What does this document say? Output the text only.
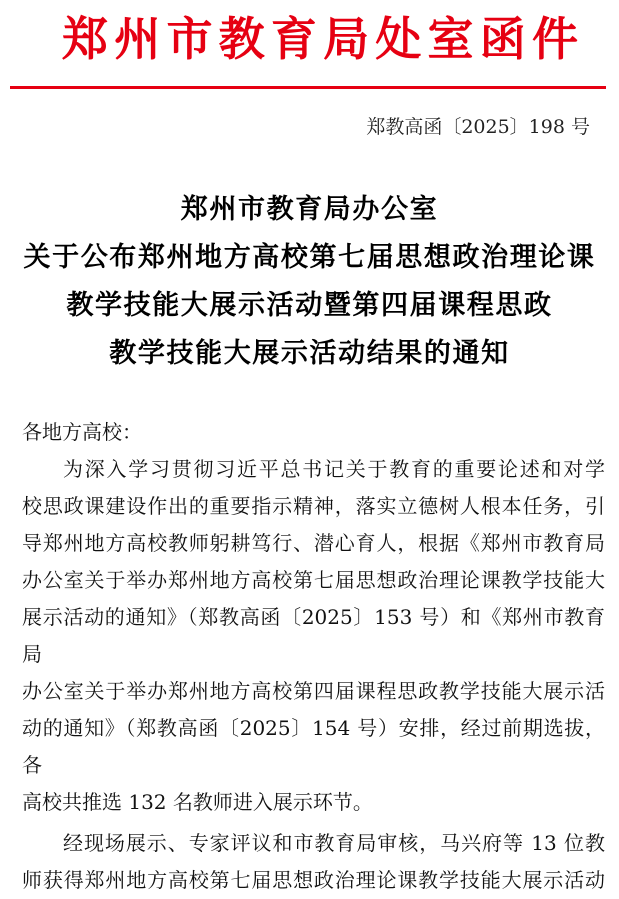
郑州市教育局处室函件
郑教高函〔2025〕198 号
郑州市教育局办公室
关于公布郑州地方高校第七届思想政治理论课
教学技能大展示活动暨第四届课程思政
教学技能大展示活动结果的通知
各地方高校：
为深入学习贯彻习近平总书记关于教育的重要论述和对学
校思政课建设作出的重要指示精神，落实立德树人根本任务，引
导郑州地方高校教师躬耕笃行、潜心育人，根据《郑州市教育局
办公室关于举办郑州地方高校第七届思想政治理论课教学技能大
展示活动的通知》（郑教高函〔2025〕153 号）和《郑州市教育局
办公室关于举办郑州地方高校第四届课程思政教学技能大展示活
动的通知》（郑教高函〔2025〕154 号）安排，经过前期选拔，各
高校共推选 132 名教师进入展示环节。
经现场展示、专家评议和市教育局审核，马兴府等 13 位教
师获得郑州地方高校第七届思想政治理论课教学技能大展示活动
